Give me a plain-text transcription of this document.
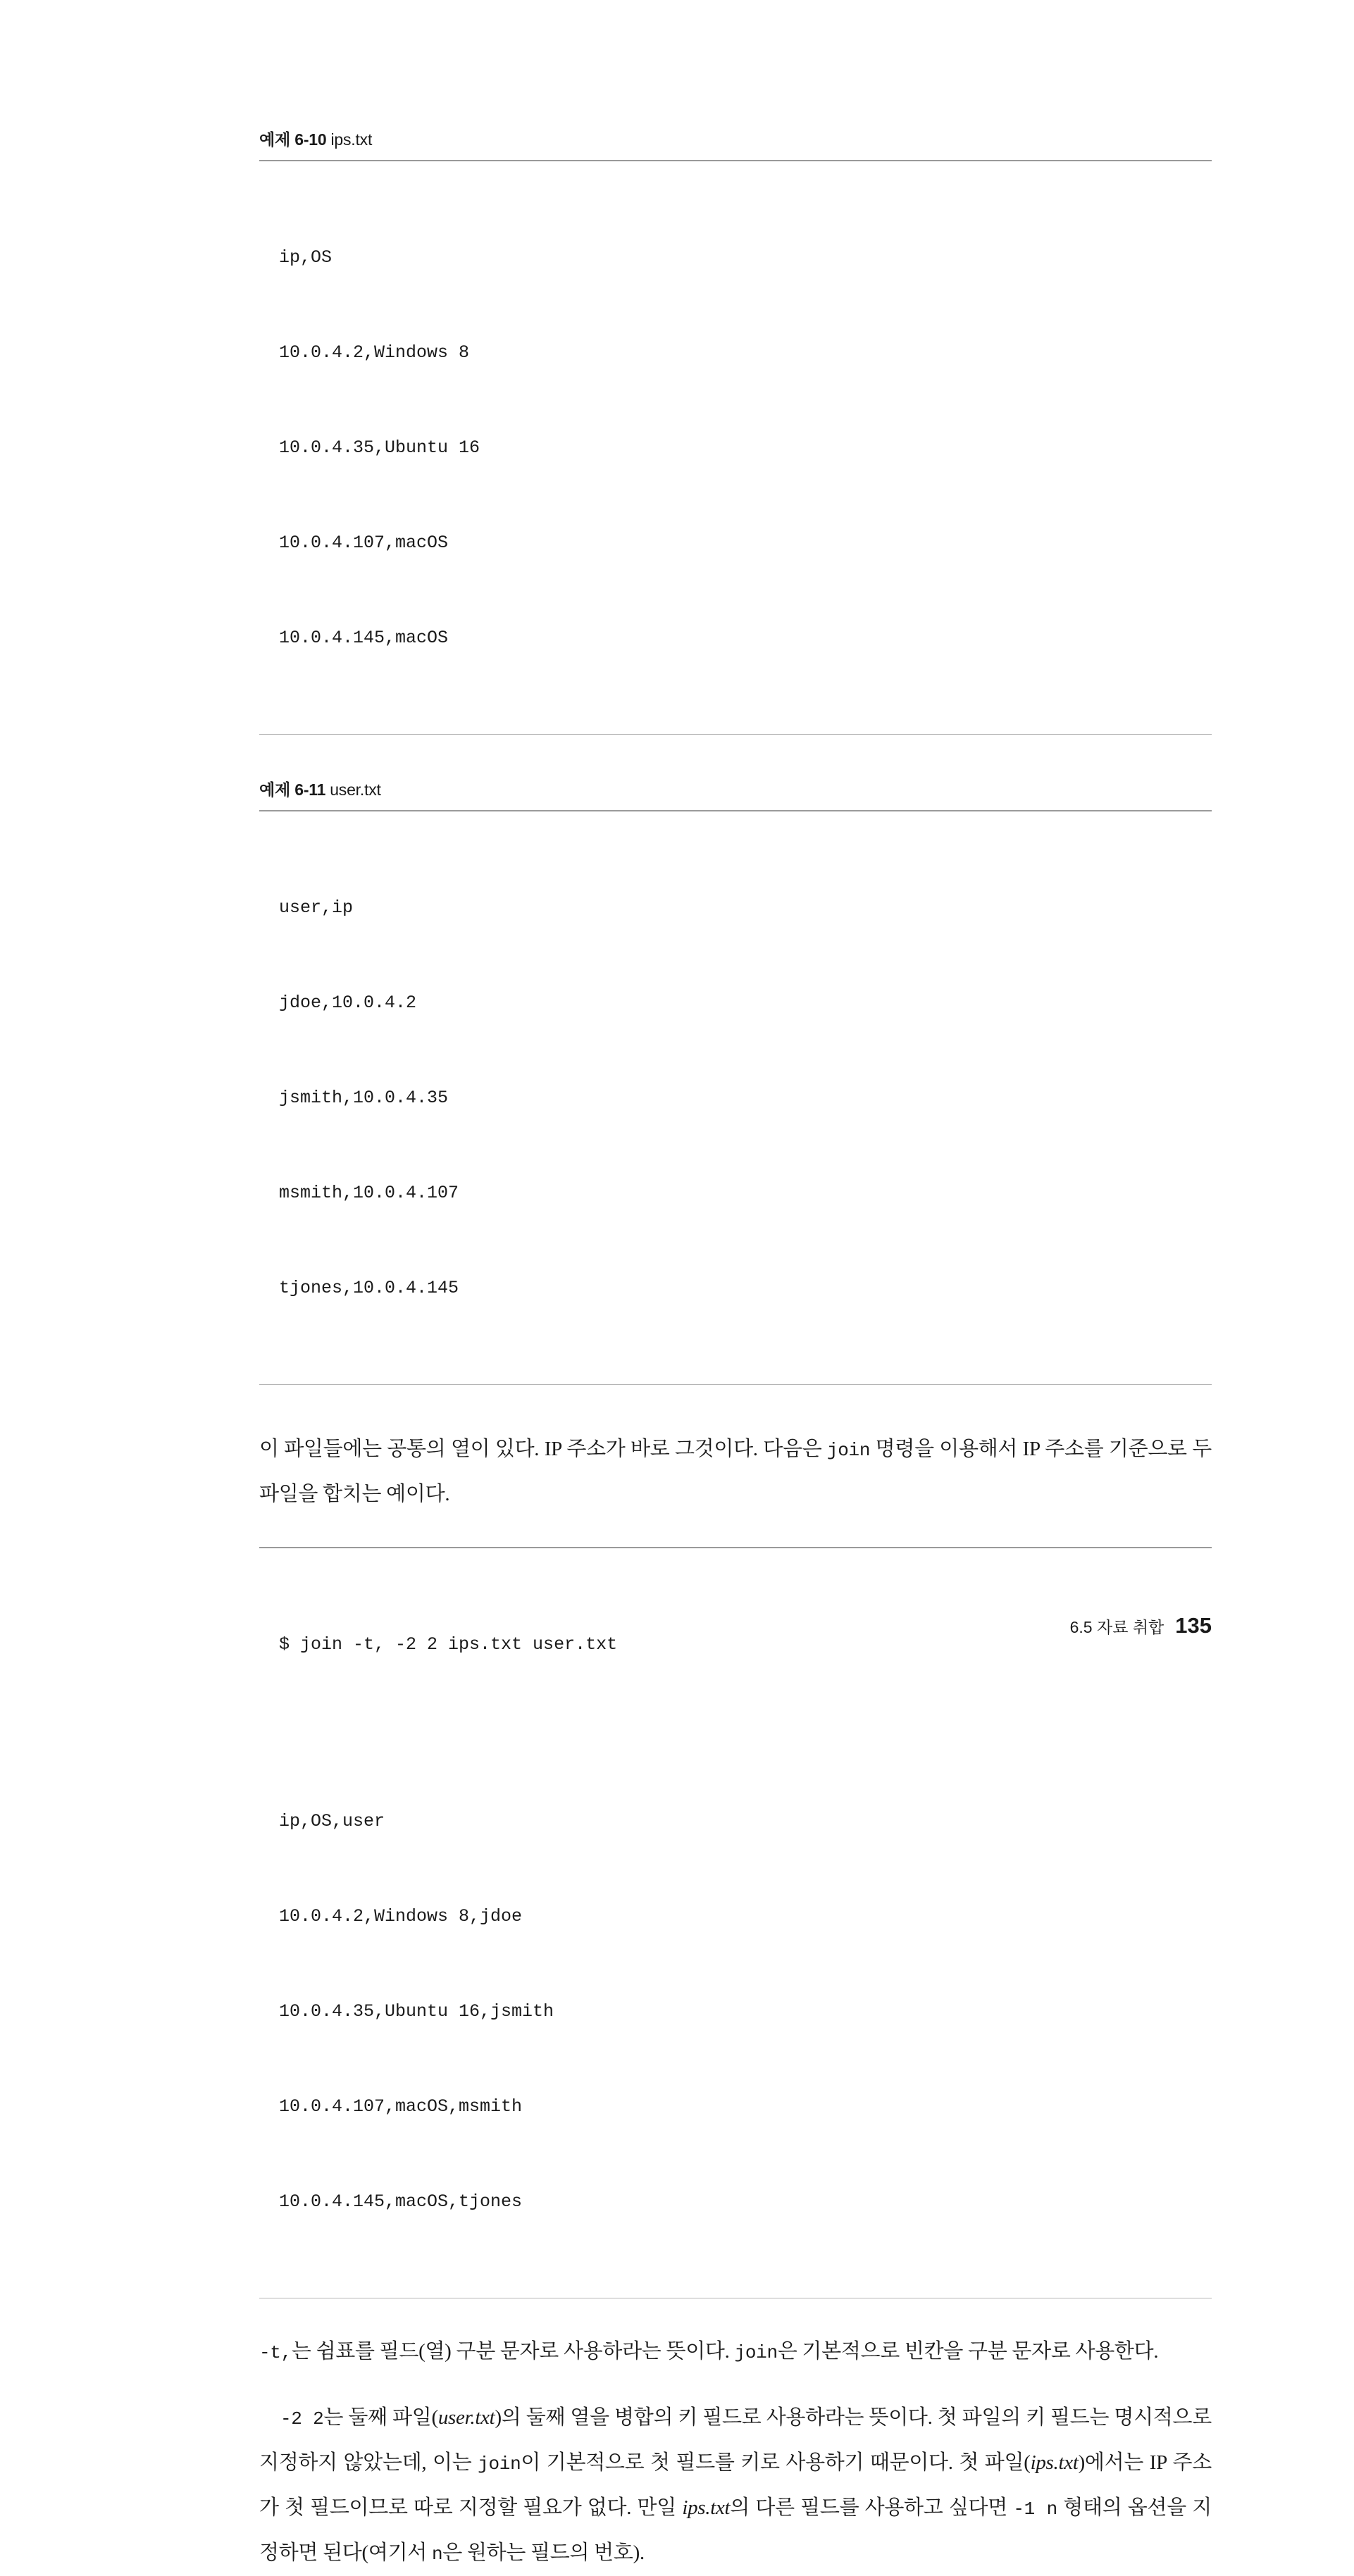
예제 6-10 ips.txt

ip,OS

10.0.4.2,Windows 8

10.0.4.35,Ubuntu 16

10.0.4.107,macOS

10.0.4.145,macOS

예제 6-11 user.txt

user,ip

jdoe,10.0.4.2

jsmith,10.0.4.35

msmith,10.0.4.107

tjones,10.0.4.145

이 파일들에는 공통의 열이 있다. IP 주소가 바로 그것이다. 다음은 join 명령을 이용해서 IP 주소를 기준으로 두 파일을 합치는 예이다.

$ join -t, -2 2 ips.txt user.txt

ip,OS,user

10.0.4.2,Windows 8,jdoe

10.0.4.35,Ubuntu 16,jsmith

10.0.4.107,macOS,msmith

10.0.4.145,macOS,tjones

-t,는 쉼표를 필드(열) 구분 문자로 사용하라는 뜻이다. join은 기본적으로 빈칸을 구분 문자로 사용한다.

-2 2는 둘째 파일(user.txt)의 둘째 열을 병합의 키 필드로 사용하라는 뜻이다. 첫 파일의 키 필드는 명시적으로 지정하지 않았는데, 이는 join이 기본적으로 첫 필드를 키로 사용하기 때문이다. 첫 파일(ips.txt)에서는 IP 주소가 첫 필드이므로 따로 지정할 필요가 없다. 만일 ips.txt의 다른 필드를 사용하고 싶다면 -1 n 형태의 옵션을 지정하면 된다(여기서 n은 원하는 필드의 번호).

6.5 자료 취합 135
